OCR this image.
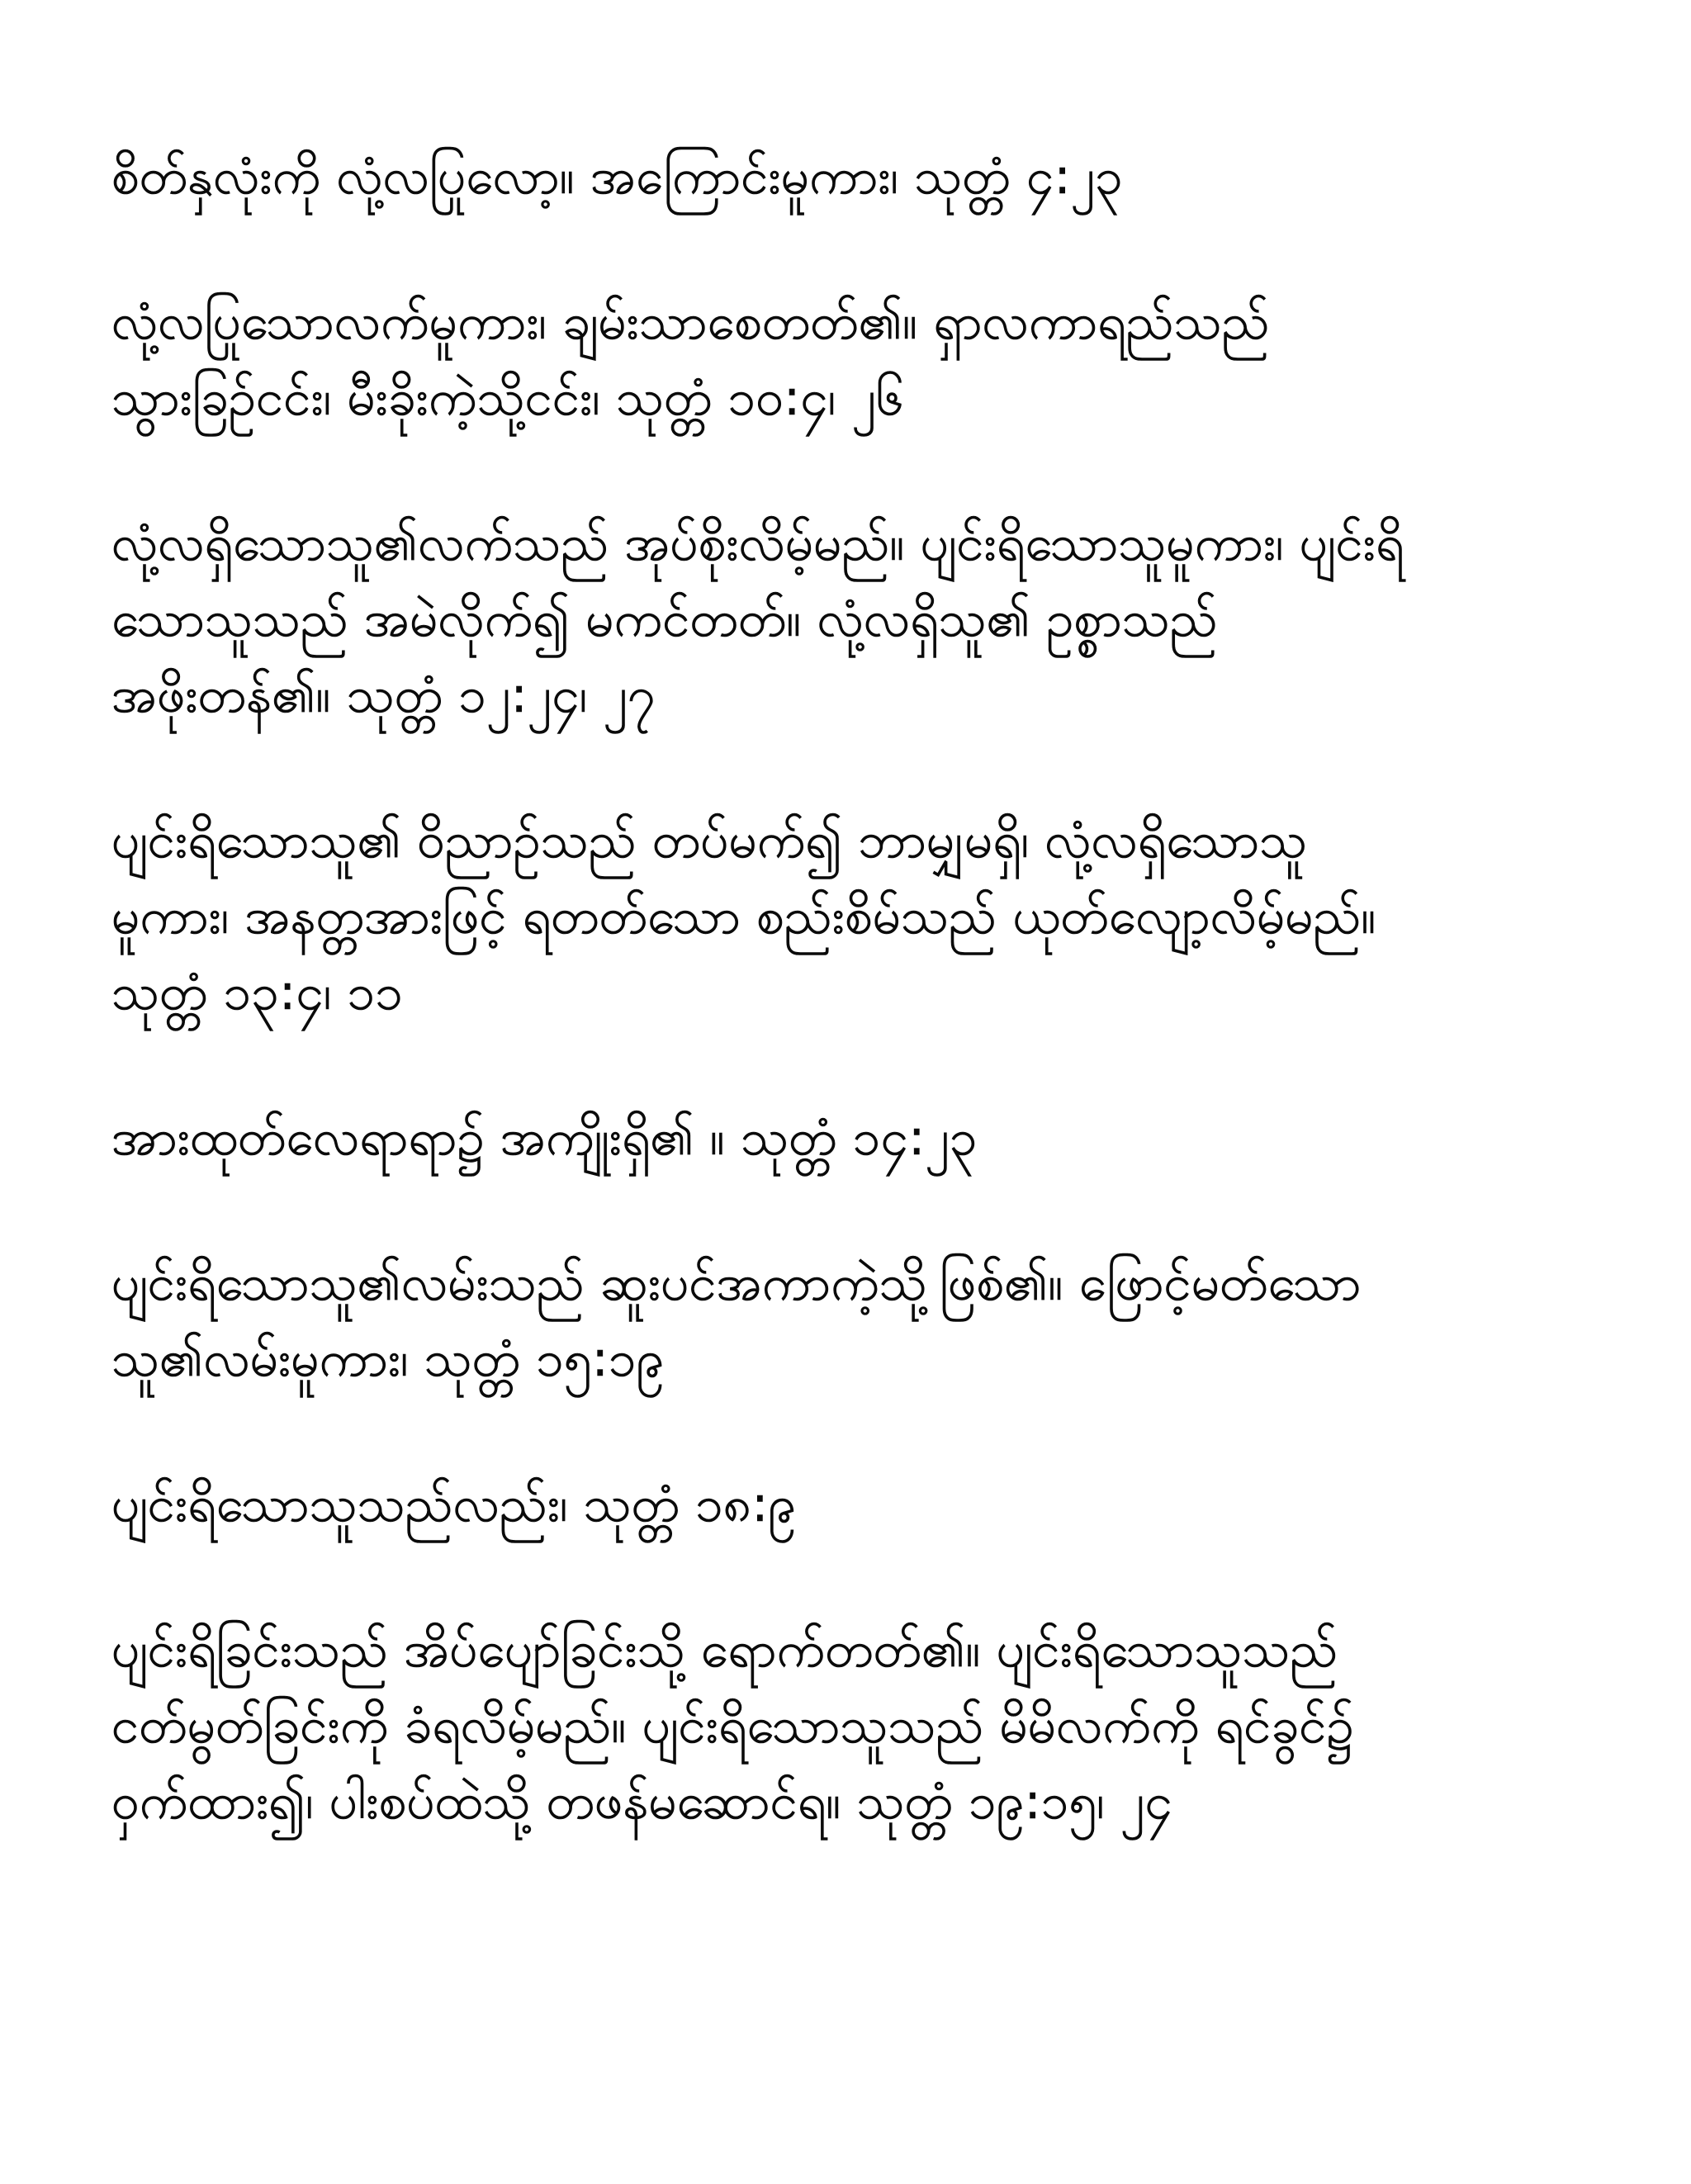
စိတ်နှလုံးကို လုံ့လပြုလော့။ အကြောင်းမူကား၊ သုတ္တံ ၄:၂၃
လုံ့လပြုသောလက်မူကား၊ ချမ်းသာစေတတ်၏။ ရှာလကာရည်သည်
သွားခြဉ်ငင်း၊ မီးခိုးကဲ့သို့ငင်း၊ သုတ္တံ ၁၀:၄၊ ၂၆
လုံ့လရှိသောသူ၏လက်သည် အုပ်စိုးလိမ့်မည်။ ပျင်းရိသောသူမူကား၊ ပျင်းရိ
သောသူသည် အမဲလိုက်၍ မကင်တတ်။ လုံ့လရှိသူ၏ ဥစ္စာသည်
အဖိုးတန်၏။ သုတ္တံ ၁၂:၂၄၊ ၂၇
ပျင်းရိသောသူ၏ ဝိညာဉ်သည် တပ်မက်၍ ဘာမျှမရှိ၊ လုံ့လရှိသောသူ
မူကား၊ အနတ္တအားဖြင့် ရတတ်သော စည်းစိမ်သည် ယုတ်လျော့လိမ့်မည်။
သုတ္တံ ၁၃:၄၊ ၁၁
အားထုတ်လေရာရာ၌ အကျိုးရှိ၏ ။ သုတ္တံ ၁၄:၂၃
ပျင်းရိသောသူ၏လမ်းသည် ဆူးပင်အကာကဲ့သို့ဖြစ်၏။ ဖြောင့်မတ်သော
သူ၏လမ်းမူကား၊ သုတ္တံ ၁၅:၁၉
ပျင်းရိသောသူသည်လည်း၊ သုတ္တံ ၁၈:၉
ပျင်းရိခြင်းသည် အိပ်ပျော်ခြင်းသို့ ရောက်တတ်၏။ ပျင်းရိသောသူသည်
ငတ်မွတ်ခြင်းကို ခံရလိမ့်မည်။ ပျင်းရိသောသူသည် မိမိလက်ကို ရင်ခွင်၌
ဝှက်ထား၍၊ ပါးစပ်ထဲသို့ တဖန်မဆောင်ရ။ သုတ္တံ ၁၉:၁၅၊ ၂၄
